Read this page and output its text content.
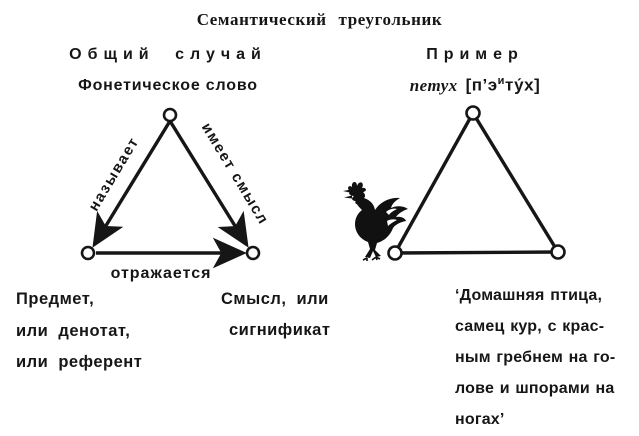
Семантический треугольник
Общий случай
Фонетическое слово
Пример
петух $[п’э^иту́х]$
называет	имеет смысл
отражается
Предмет,
или денотат,
или референт
Смысл, или
сигнификат
‘Домашняя птица,
самец кур, с крас-
ным гребнем на го-
лове и шпорами на
ногах’
